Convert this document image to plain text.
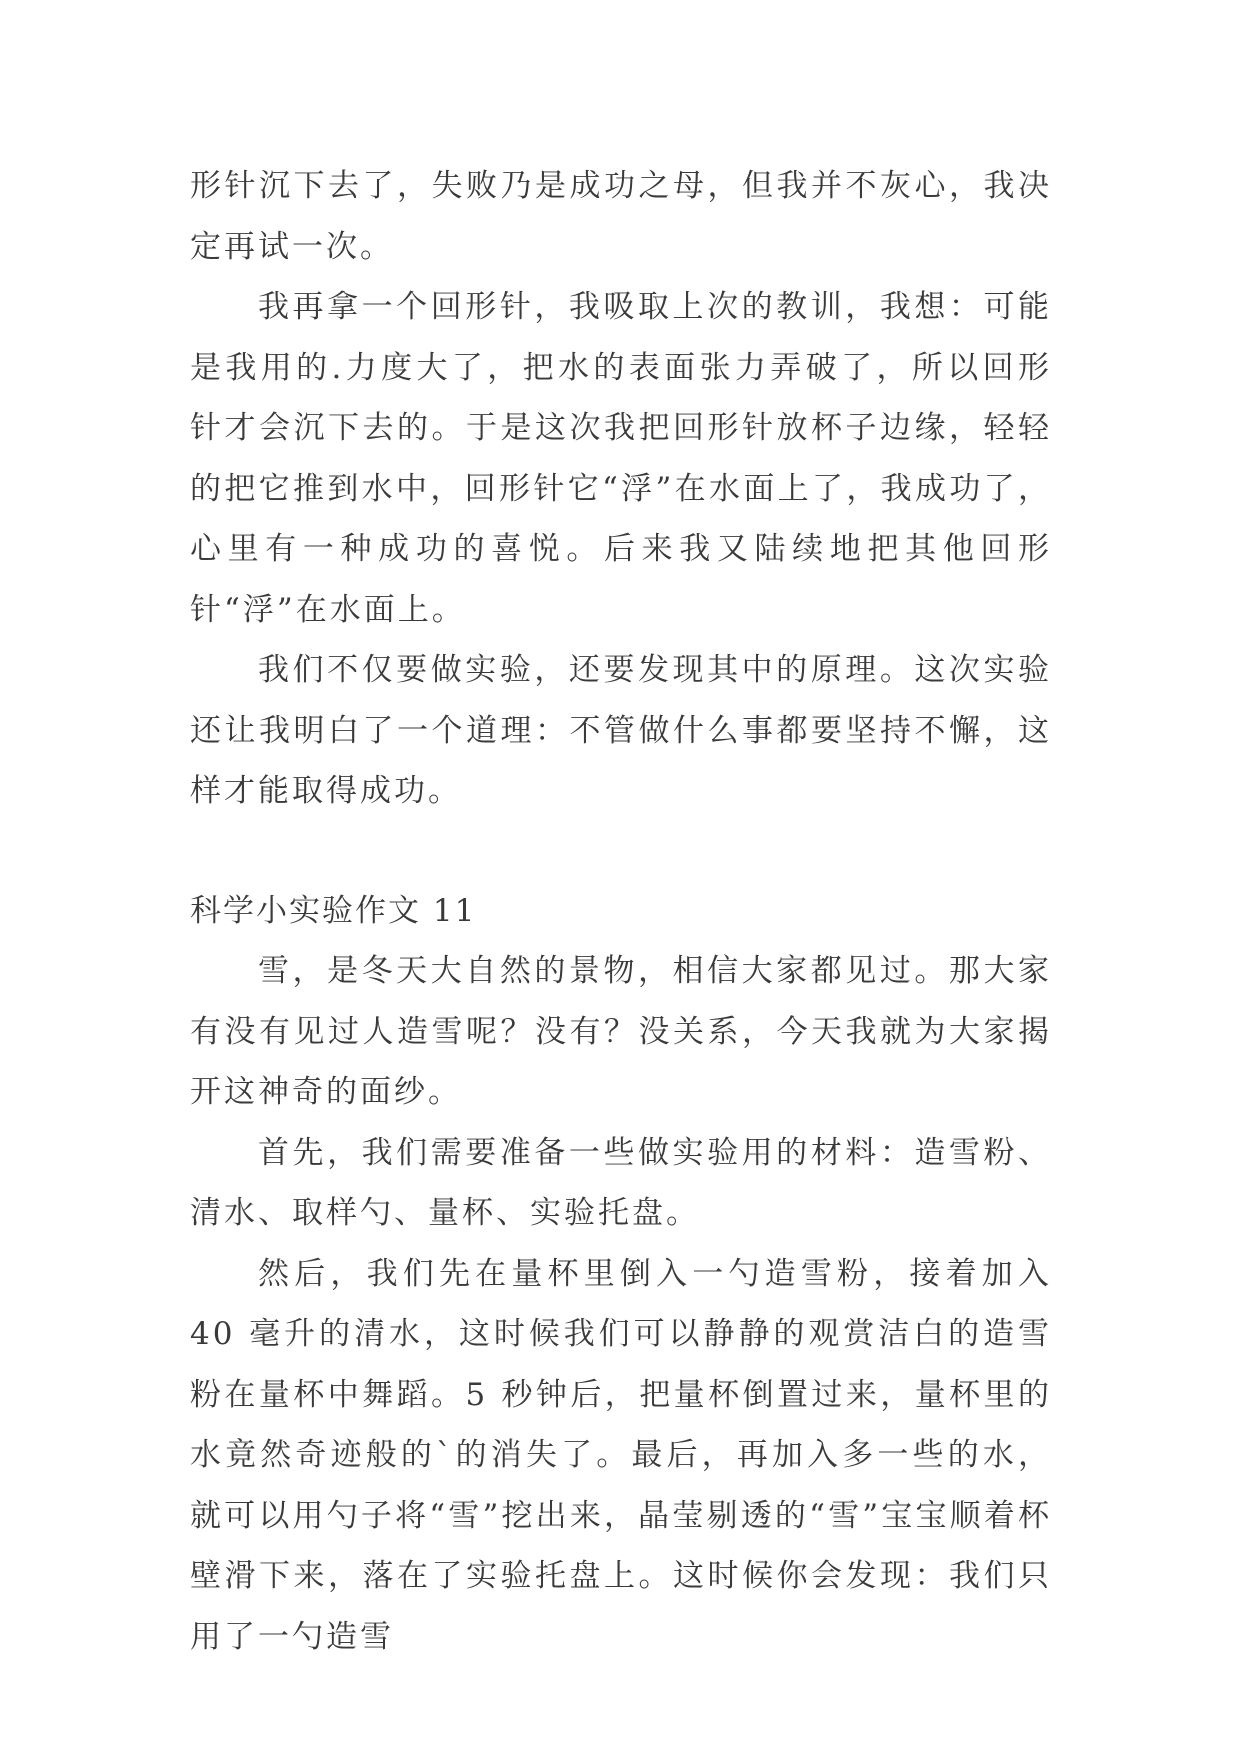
形针沉下去了，失败乃是成功之母，但我并不灰心，我决定再试一次。

我再拿一个回形针，我吸取上次的教训，我想：可能是我用的.力度大了，把水的表面张力弄破了，所以回形针才会沉下去的。于是这次我把回形针放杯子边缘，轻轻的把它推到水中，回形针它“浮”在水面上了，我成功了，心里有一种成功的喜悦。后来我又陆续地把其他回形针“浮”在水面上。

我们不仅要做实验，还要发现其中的原理。这次实验还让我明白了一个道理：不管做什么事都要坚持不懈，这样才能取得成功。

科学小实验作文 11

雪，是冬天大自然的景物，相信大家都见过。那大家有没有见过人造雪呢？没有？没关系，今天我就为大家揭开这神奇的面纱。

首先，我们需要准备一些做实验用的材料：造雪粉、清水、取样勺、量杯、实验托盘。

然后，我们先在量杯里倒入一勺造雪粉，接着加入 40 毫升的清水，这时候我们可以静静的观赏洁白的造雪粉在量杯中舞蹈。5 秒钟后，把量杯倒置过来，量杯里的水竟然奇迹般的`的消失了。最后，再加入多一些的水，就可以用勺子将“雪”挖出来，晶莹剔透的“雪”宝宝顺着杯壁滑下来，落在了实验托盘上。这时候你会发现：我们只用了一勺造雪
